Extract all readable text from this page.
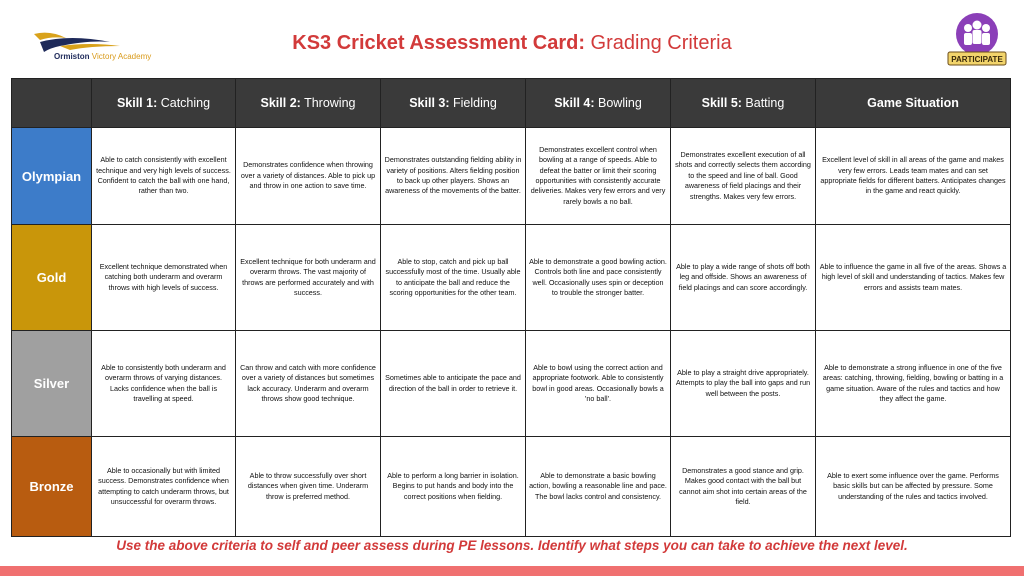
Ormiston Victory Academy
KS3 Cricket Assessment Card: Grading Criteria
PARTICIPATE
	Skill 1: Catching	Skill 2: Throwing	Skill 3: Fielding	Skill 4: Bowling	Skill 5: Batting	Game Situation
Olympian	Able to catch consistently with excellent technique and very high levels of success. Confident to catch the ball with one hand, rather than two.	Demonstrates confidence when throwing over a variety of distances. Able to pick up and throw in one action to save time.	Demonstrates outstanding fielding ability in variety of positions. Alters fielding position to back up other players. Shows an awareness of the movements of the batter.	Demonstrates excellent control when bowling at a range of speeds. Able to defeat the batter or limit their scoring opportunities with consistently accurate deliveries. Makes very few errors and very rarely bowls a no ball.	Demonstrates excellent execution of all shots and correctly selects them according to the speed and line of ball. Good awareness of field placings and their strengths. Makes very few errors.	Excellent level of skill in all areas of the game and makes very few errors. Leads team mates and can set appropriate fields for different batters. Anticipates changes in the game and react quickly.
Gold	Excellent technique demonstrated when catching both underarm and overarm throws with high levels of success.	Excellent technique for both underarm and overarm throws. The vast majority of throws are performed accurately and with success.	Able to stop, catch and pick up ball successfully most of the time. Usually able to anticipate the ball and reduce the scoring opportunities for the other team.	Able to demonstrate a good bowling action. Controls both line and pace consistently well. Occasionally uses spin or deception to trouble the stronger batter.	Able to play a wide range of shots off both leg and offside. Shows an awareness of field placings and can score accordingly.	Able to influence the game in all five of the areas. Shows a high level of skill and understanding of tactics. Makes few errors and assists team mates.
Silver	Able to consistently both underarm and overarm throws of varying distances. Lacks confidence when the ball is travelling at speed.	Can throw and catch with more confidence over a variety of distances but sometimes lack accuracy. Underarm and overarm throws show good technique.	Sometimes able to anticipate the pace and direction of the ball in order to retrieve it.	Able to bowl using the correct action and appropriate footwork. Able to consistently bowl in good areas. Occasionally bowls a 'no ball'.	Able to play a straight drive appropriately. Attempts to play the ball into gaps and run well between the posts.	Able to demonstrate a strong influence in one of the five areas: catching, throwing, fielding, bowling or batting in a game situation. Aware of the rules and tactics and how they affect the game.
Bronze	Able to occasionally but with limited success. Demonstrates confidence when attempting to catch underarm throws, but unsuccessful for overarm throws.	Able to throw successfully over short distances when given time. Underarm throw is preferred method.	Able to perform a long barrier in isolation. Begins to put hands and body into the correct positions when fielding.	Able to demonstrate a basic bowling action, bowling a reasonable line and pace. The bowl lacks control and consistency.	Demonstrates a good stance and grip. Makes good contact with the ball but cannot aim shot into certain areas of the field.	Able to exert some influence over the game. Performs basic skills but can be affected by pressure. Some understanding of the rules and tactics involved.
Use the above criteria to self and peer assess during PE lessons. Identify what steps you can take to achieve the next level.
